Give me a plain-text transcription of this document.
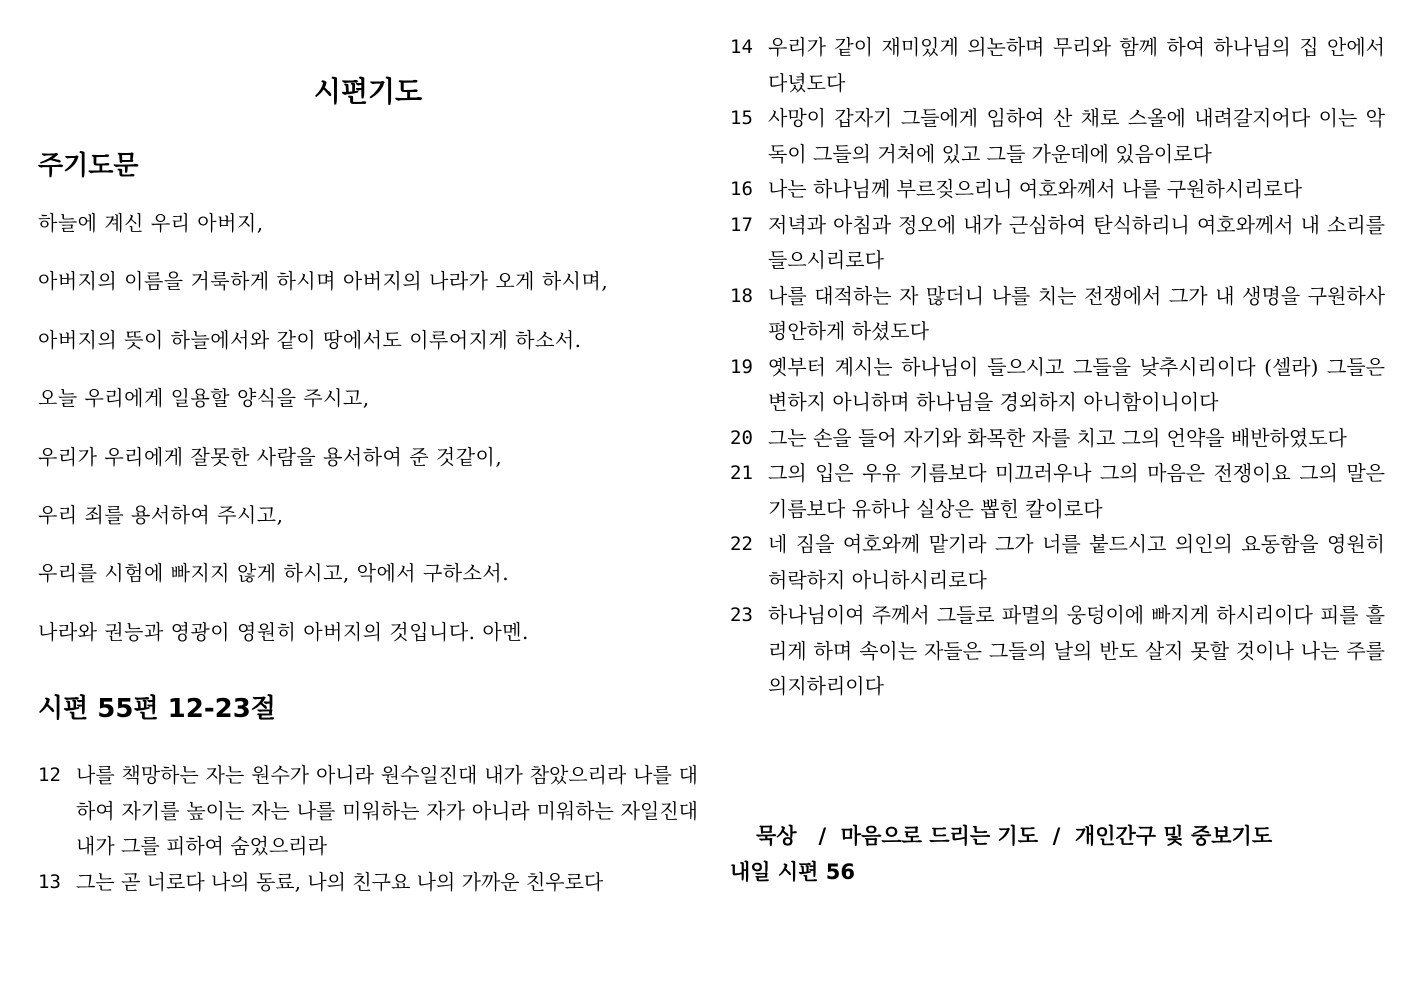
시편기도
주기도문
하늘에 계신 우리 아버지,
아버지의 이름을 거룩하게 하시며 아버지의 나라가 오게 하시며,
아버지의 뜻이 하늘에서와 같이 땅에서도 이루어지게 하소서.
오늘 우리에게 일용할 양식을 주시고,
우리가 우리에게 잘못한 사람을 용서하여 준 것같이,
우리 죄를 용서하여 주시고,
우리를 시험에 빠지지 않게 하시고, 악에서 구하소서.
나라와 권능과 영광이 영원히 아버지의 것입니다. 아멘.
시편 55편 12-23절
12 나를 책망하는 자는 원수가 아니라 원수일진대 내가 참았으리라 나를 대하여 자기를 높이는 자는 나를 미워하는 자가 아니라 미워하는 자일진대 내가 그를 피하여 숨었으리라
13 그는 곧 너로다 나의 동료, 나의 친구요 나의 가까운 친우로다
14 우리가 같이 재미있게 의논하며 무리와 함께 하여 하나님의 집 안에서 다녔도다
15 사망이 갑자기 그들에게 임하여 산 채로 스올에 내려갈지어다 이는 악독이 그들의 거처에 있고 그들 가운데에 있음이로다
16 나는 하나님께 부르짖으리니 여호와께서 나를 구원하시리로다
17 저녁과 아침과 정오에 내가 근심하여 탄식하리니 여호와께서 내 소리를 들으시리로다
18 나를 대적하는 자 많더니 나를 치는 전쟁에서 그가 내 생명을 구원하사 평안하게 하셨도다
19 옛부터 계시는 하나님이 들으시고 그들을 낮추시리이다 (셀라) 그들은 변하지 아니하며 하나님을 경외하지 아니함이니이다
20 그는 손을 들어 자기와 화목한 자를 치고 그의 언약을 배반하였도다
21 그의 입은 우유 기름보다 미끄러우나 그의 마음은 전쟁이요 그의 말은 기름보다 유하나 실상은 뽑힌 칼이로다
22 네 짐을 여호와께 맡기라 그가 너를 붙드시고 의인의 요동함을 영원히 허락하지 아니하시리로다
23 하나님이여 주께서 그들로 파멸의 웅덩이에 빠지게 하시리이다 피를 흘리게 하며 속이는 자들은 그들의 날의 반도 살지 못할 것이나 나는 주를 의지하리이다

묵상   /  마음으로 드리는 기도  /  개인간구 및 중보기도

내일 시편 56
